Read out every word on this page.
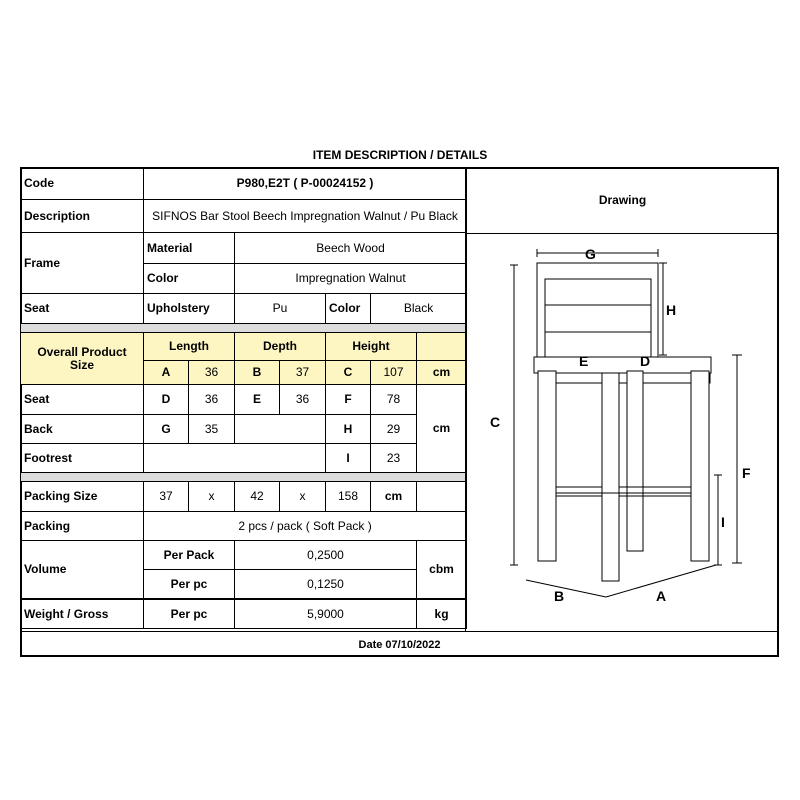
ITEM DESCRIPTION / DETAILS
Code	P980,E2T ( P-00024152 )						
Description	SIFNOS Bar Stool Beech Impregnation Walnut / Pu Black						
Frame	Material		Beech Wood				
	Color		Impregnation Walnut				
Seat	Upholstery		Pu		Color	Black	

Overall Product Size	Length		Depth		Height		
	A	36	B	37	C	107	cm
Seat	D	36	E	36	F	78	cm
Back	G	35			H	29	
Footrest					I	23	

Packing Size	37	x	42	x	158	cm	
Packing	2 pcs / pack ( Soft Pack )						
Volume	Per Pack		0,2500				cbm
	Per pc		0,1250				

Weight / Gross	Per pc		5,9000				kg
Drawing
G
H
E	D
C
F
I
B	A
Date 07/10/2022
